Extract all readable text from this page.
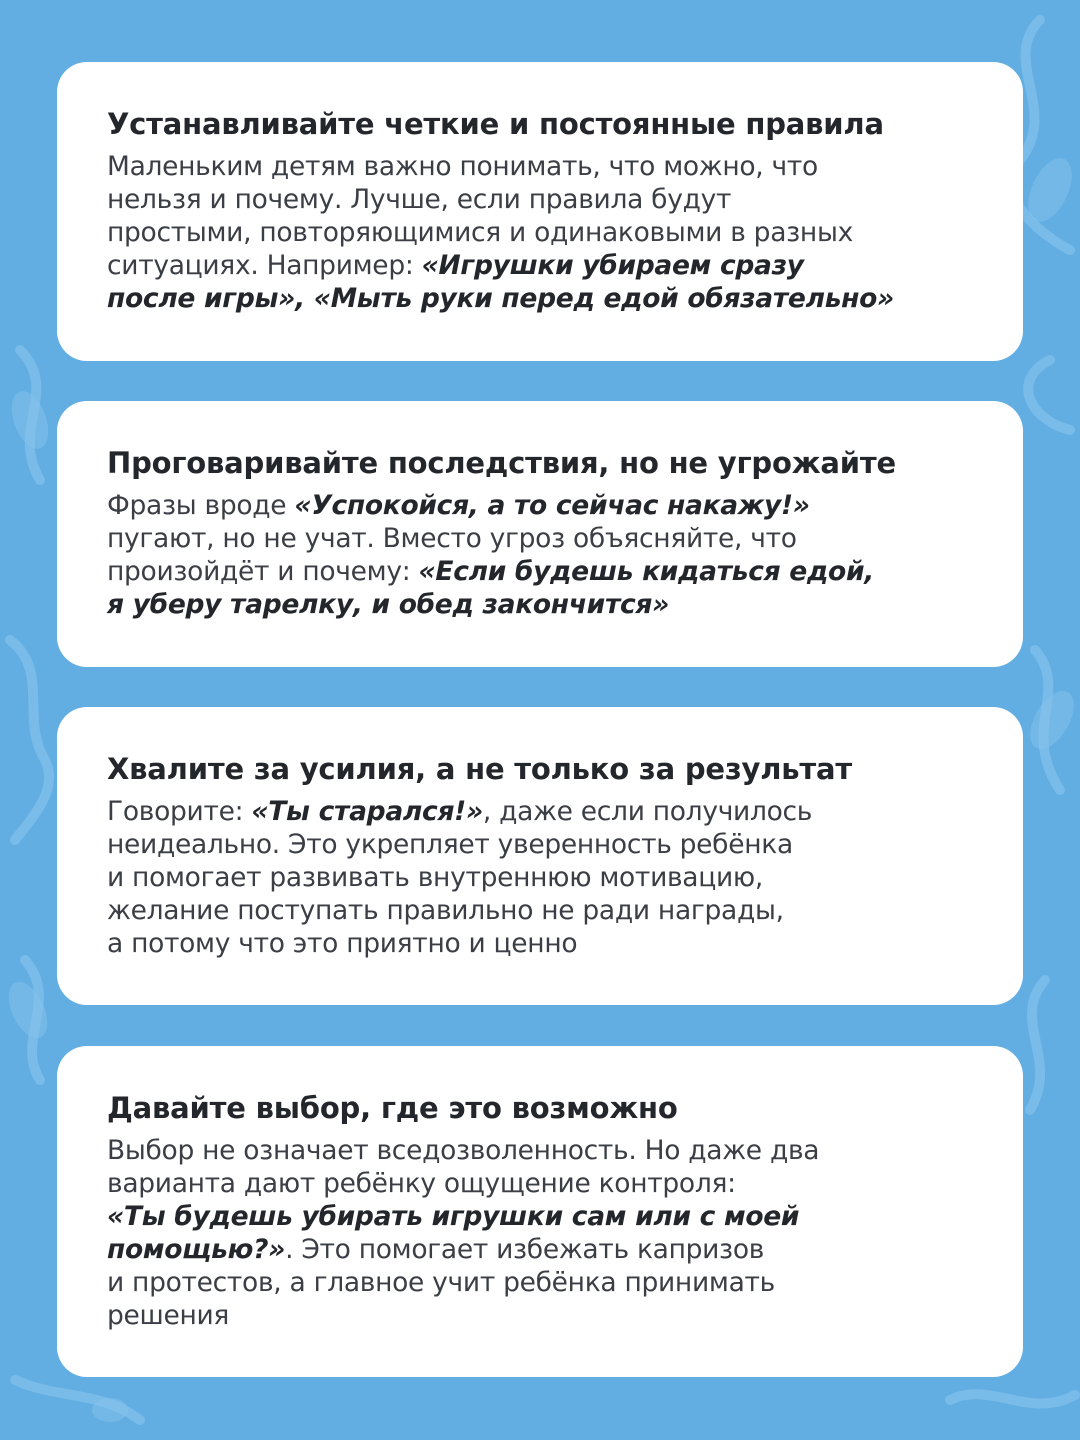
Устанавливайте четкие и постоянные правила

Маленьким детям важно понимать, что можно, что
нельзя и почему. Лучше, если правила будут
простыми, повторяющимися и одинаковыми в разных
ситуациях. Например: «Игрушки убираем сразу
после игры», «Мыть руки перед едой обязательно»

Проговаривайте последствия, но не угрожайте

Фразы вроде «Успокойся, а то сейчас накажу!»
пугают, но не учат. Вместо угроз объясняйте, что
произойдёт и почему: «Если будешь кидаться едой,
я уберу тарелку, и обед закончится»

Хвалите за усилия, а не только за результат

Говорите: «Ты старался!», даже если получилось
неидеально. Это укрепляет уверенность ребёнка
и помогает развивать внутреннюю мотивацию,
желание поступать правильно не ради награды,
а потому что это приятно и ценно

Давайте выбор, где это возможно

Выбор не означает вседозволенность. Но даже два
варианта дают ребёнку ощущение контроля:
«Ты будешь убирать игрушки сам или с моей
помощью?». Это помогает избежать капризов
и протестов, а главное учит ребёнка принимать
решения
